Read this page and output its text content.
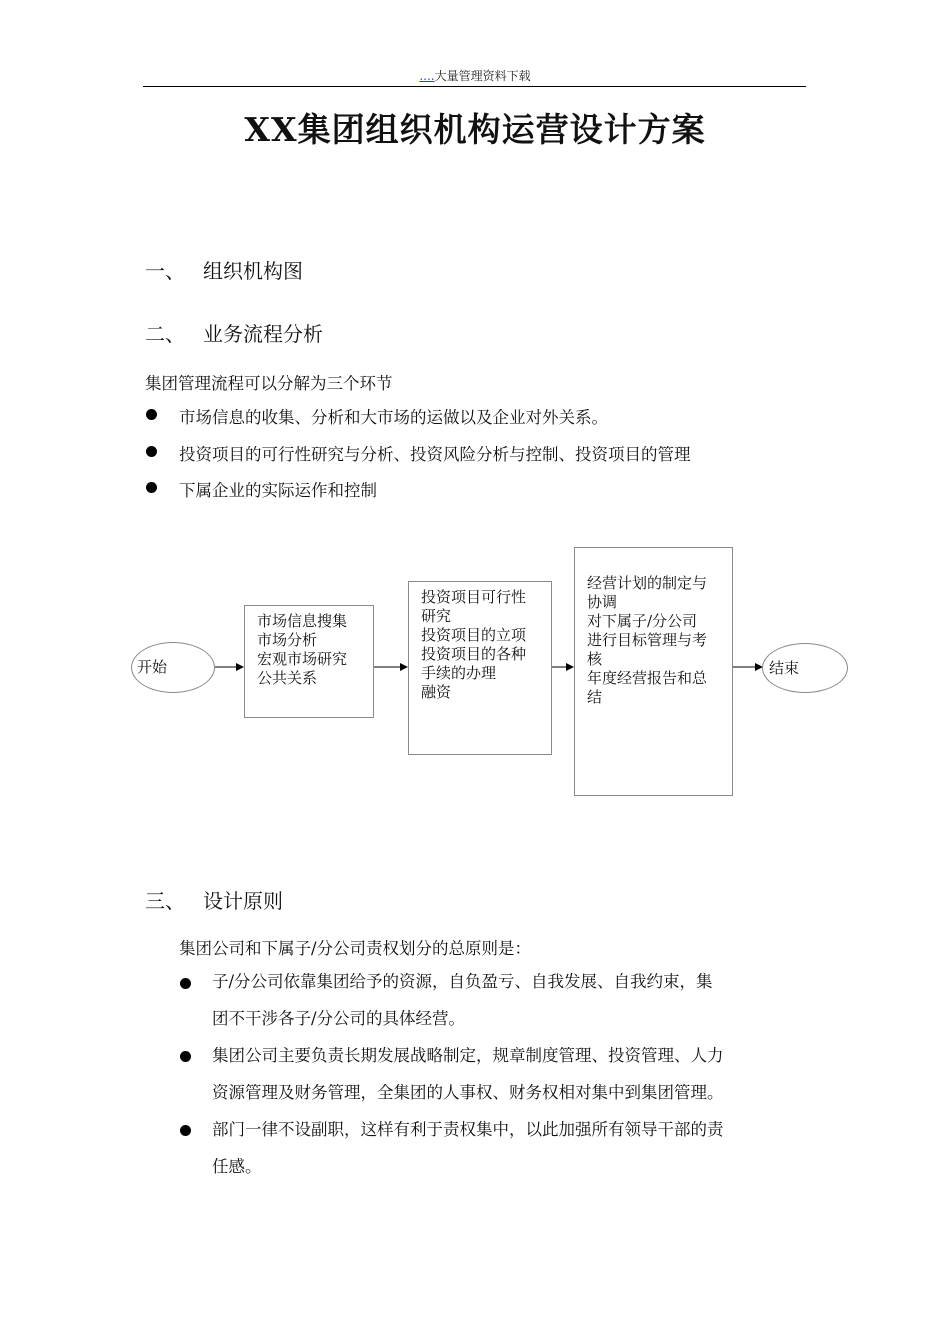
....大量管理资料下载
XX集团组织机构运营设计方案
一、 组织机构图
二、 业务流程分析
集团管理流程可以分解为三个环节
市场信息的收集、分析和大市场的运做以及企业对外关系。
投资项目的可行性研究与分析、投资风险分析与控制、投资项目的管理
下属企业的实际运作和控制
开始
市场信息搜集
市场分析
宏观市场研究
公共关系
投资项目可行性
研究
投资项目的立项
投资项目的各种
手续的办理
融资
经营计划的制定与
协调
对下属子/分公司
进行目标管理与考
核
年度经营报告和总
结
结束
三、 设计原则
集团公司和下属子/分公司责权划分的总原则是：
子/分公司依靠集团给予的资源，自负盈亏、自我发展、自我约束，集
团不干涉各子/分公司的具体经营。
集团公司主要负责长期发展战略制定，规章制度管理、投资管理、人力
资源管理及财务管理，全集团的人事权、财务权相对集中到集团管理。
部门一律不设副职，这样有利于责权集中，以此加强所有领导干部的责
任感。
